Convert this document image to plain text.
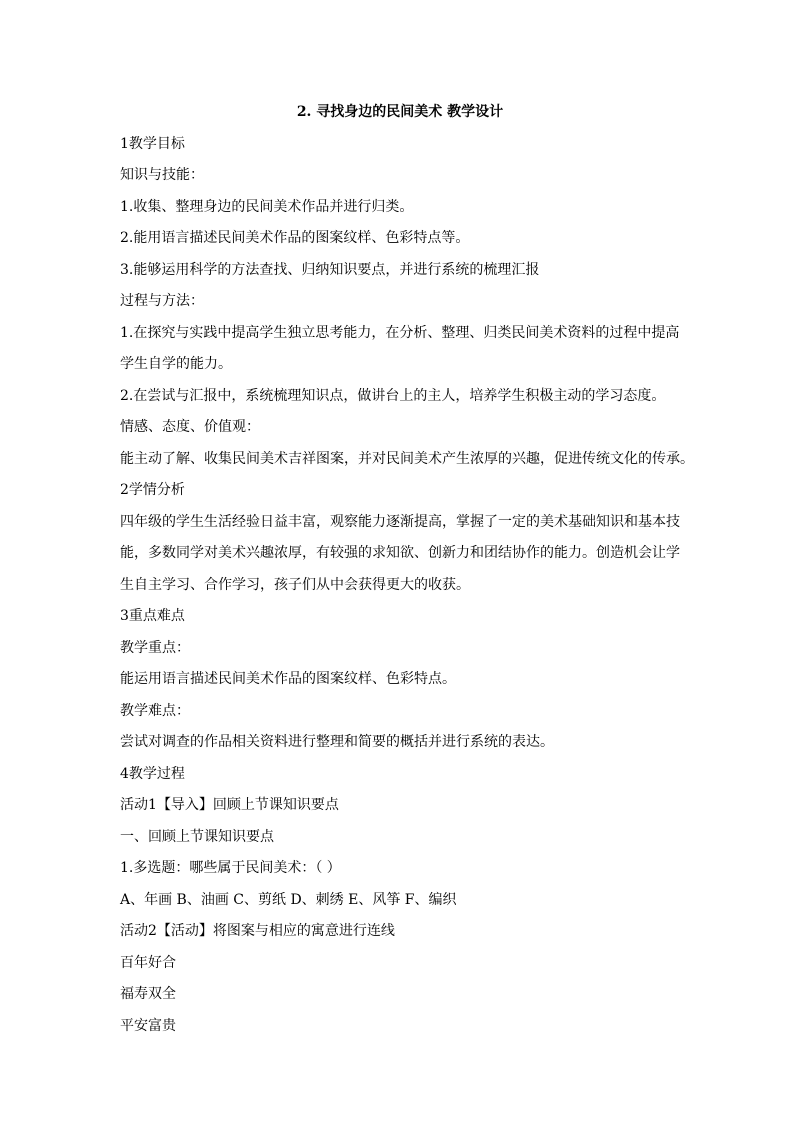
2. 寻找身边的民间美术 教学设计
1教学目标
知识与技能：
1.收集、整理身边的民间美术作品并进行归类。
2.能用语言描述民间美术作品的图案纹样、色彩特点等。
3.能够运用科学的方法查找、归纳知识要点，并进行系统的梳理汇报
过程与方法：
1.在探究与实践中提高学生独立思考能力，在分析、整理、归类民间美术资料的过程中提高
学生自学的能力。
2.在尝试与汇报中，系统梳理知识点，做讲台上的主人，培养学生积极主动的学习态度。
情感、态度、价值观：
能主动了解、收集民间美术吉祥图案，并对民间美术产生浓厚的兴趣，促进传统文化的传承。
2学情分析
四年级的学生生活经验日益丰富，观察能力逐渐提高，掌握了一定的美术基础知识和基本技
能，多数同学对美术兴趣浓厚，有较强的求知欲、创新力和团结协作的能力。创造机会让学
生自主学习、合作学习，孩子们从中会获得更大的收获。
3重点难点
教学重点：
能运用语言描述民间美术作品的图案纹样、色彩特点。
教学难点：
尝试对调查的作品相关资料进行整理和简要的概括并进行系统的表达。
4教学过程
活动1【导入】回顾上节课知识要点
一、回顾上节课知识要点
1.多选题：哪些属于民间美术：（ ）
A、年画 B、油画 C、剪纸 D、刺绣 E、风筝 F、编织
活动2【活动】将图案与相应的寓意进行连线
百年好合
福寿双全
平安富贵
